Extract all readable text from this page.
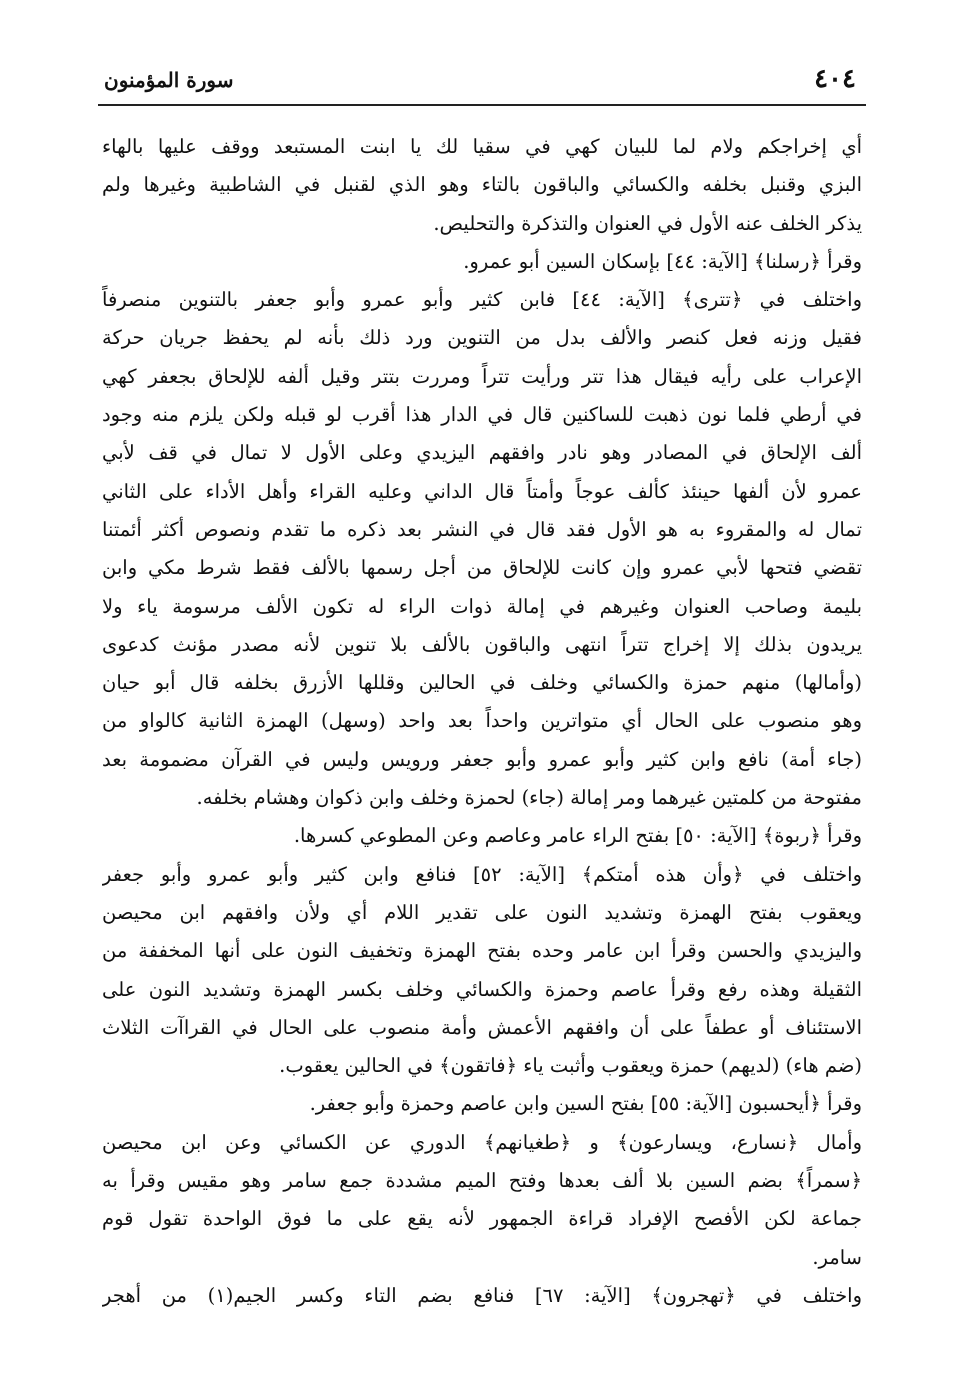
٤٠٤
سورة المؤمنون
أي إخراجكم ولام لما للبيان كهي في سقيا لك يا ابنت المستبعد ووقف عليها بالهاء
البزي وقنبل بخلفه والكسائي والباقون بالتاء وهو الذي لقنبل في الشاطبية وغيرها ولم
يذكر الخلف عنه الأول في العنوان والتذكرة والتحليص.
وقرأ ﴿رسلنا﴾ [الآية: ٤٤] بإسكان السين أبو عمرو.
واختلف في ﴿تترى﴾ [الآية: ٤٤] فابن كثير وأبو عمرو وأبو جعفر بالتنوين منصرفاً
فقيل وزنه فعل كنصر والألف بدل من التنوين ورد ذلك بأنه لم يحفظ جريان حركة
الإعراب على رأيه فيقال هذا تتر ورأيت تتراً ومررت بتتر وقيل ألفه للإلحاق بجعفر كهي
في أرطي فلما نون ذهبت للساكنين قال في الدار هذا أقرب لو قبله ولكن يلزم منه وجود
ألف الإلحاق في المصادر وهو نادر وافقهم اليزيدي وعلى الأول لا تمال في قف لأبي
عمرو لأن ألفها حينئذ كألف عوجاً وأمتاً قال الداني وعليه القراء وأهل الأداء على الثاني
تمال له والمقروء به هو الأول فقد قال في النشر بعد ذكره ما تقدم ونصوص أكثر أئمتنا
تقضي فتحها لأبي عمرو وإن كانت للإلحاق من أجل رسمها بالألف فقط شرط مكي وابن
بليمة وصاحب العنوان وغيرهم في إمالة ذوات الراء له تكون الألف مرسومة ياء ولا
يريدون بذلك إلا إخراج تتراً انتهى والباقون بالألف بلا تنوين لأنه مصدر مؤنث كدعوى
(وأمالها) منهم حمزة والكسائي وخلف في الحالين وقللها الأزرق بخلفه قال أبو حيان
وهو منصوب على الحال أي متواترين واحداً بعد واحد (وسهل) الهمزة الثانية كالواو من
(جاء أمة) نافع وابن كثير وأبو عمرو وأبو جعفر ورويس وليس في القرآن مضمومة بعد
مفتوحة من كلمتين غيرهما ومر إمالة (جاء) لحمزة وخلف وابن ذكوان وهشام بخلفه.
وقرأ ﴿ربوة﴾ [الآية: ٥٠] بفتح الراء عامر وعاصم وعن المطوعي كسرها.
واختلف في ﴿وأن هذه أمتكم﴾ [الآية: ٥٢] فنافع وابن كثير وأبو عمرو وأبو جعفر
ويعقوب بفتح الهمزة وتشديد النون على تقدير اللام أي ولأن وافقهم ابن محيصن
واليزيدي والحسن وقرأ ابن عامر وحده بفتح الهمزة وتخفيف النون على أنها المخففة من
الثقيلة وهذه رفع وقرأ عاصم وحمزة والكسائي وخلف بكسر الهمزة وتشديد النون على
الاستئناف أو عطفاً على أن وافقهم الأعمش وأمة منصوب على الحال في القراآت الثلاث
(ضم هاء) (لديهم) حمزة ويعقوب وأثبت ياء ﴿فاتقون﴾ في الحالين يعقوب.
وقرأ ﴿أيحسبون [الآية: ٥٥] بفتح السين وابن عاصم وحمزة وأبو جعفر.
وأمال ﴿نسارع، ويسارعون﴾ و ﴿طغيانهم﴾ الدوري عن الكسائي وعن ابن محيصن
﴿سمراً﴾ بضم السين بلا ألف بعدها وفتح الميم مشددة جمع سامر وهو مقيس وقرأ به
جماعة لكن الأفصح الإفراد قراءة الجمهور لأنه يقع على ما فوق الواحدة تقول قوم
سامر.
واختلف في ﴿تهجرون﴾ [الآية: ٦٧] فنافع بضم التاء وكسر الجيم(١) من أهجر
